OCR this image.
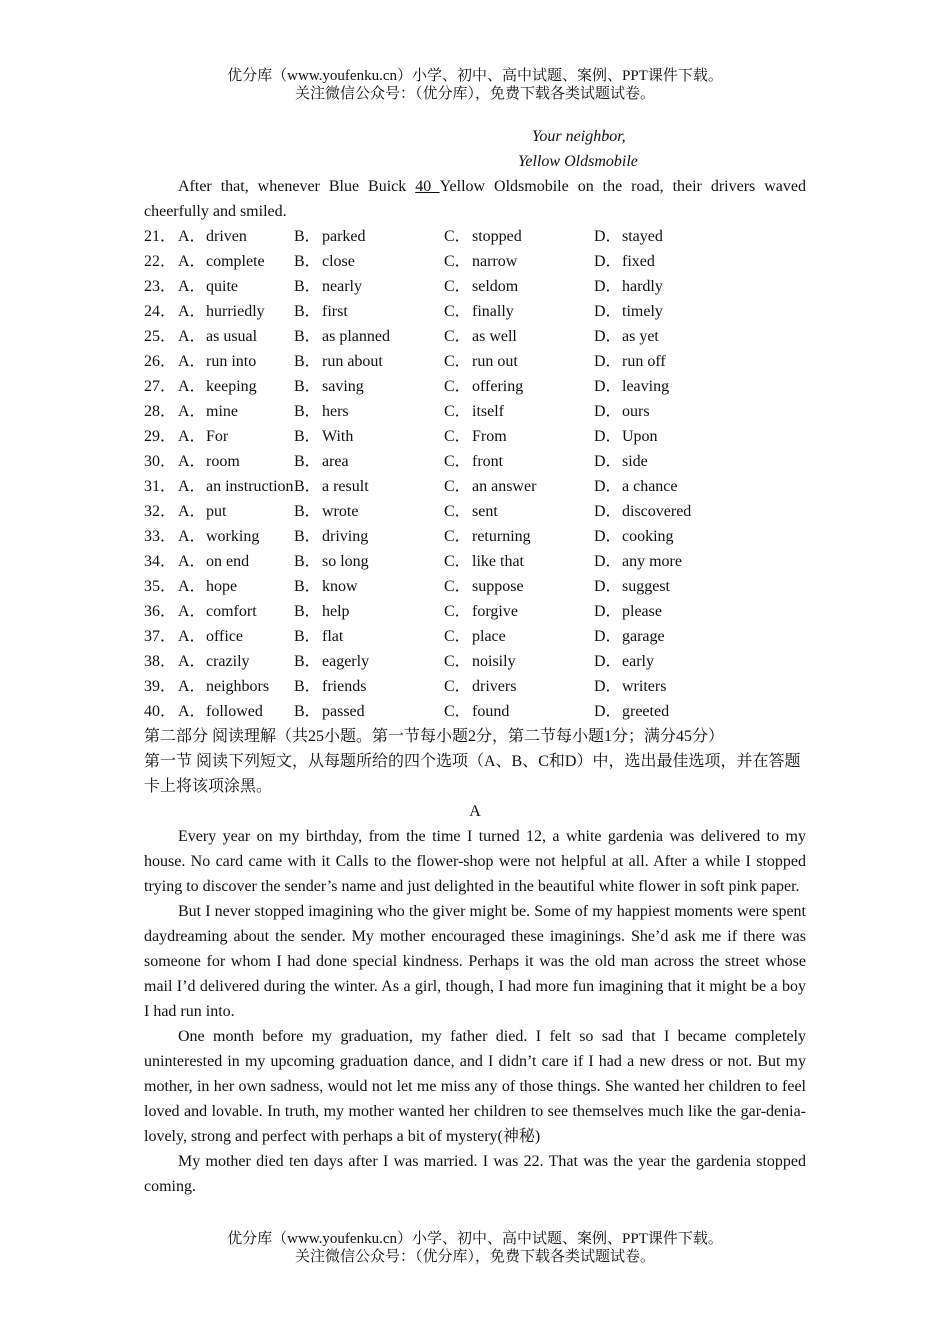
优分库（www.youfenku.cn）小学、初中、高中试题、案例、PPT课件下载。
关注微信公众号：（优分库），免费下载各类试题试卷。
Your neighbor,
Yellow Oldsmobile

After that, whenever Blue Buick 40 Yellow Oldsmobile on the road, their drivers waved cheerfully and smiled.

21． A． driven	B． parked	C． stopped	D． stayed
22． A． complete B． close	C． narrow	D． fixed
23． A． quite	B． nearly	C． seldom	D． hardly
24． A． hurriedly B． first	C． finally	D． timely
25． A． as usual B． as planned	C． as well	D． as yet
26． A． run into B． run about	C． run out	D． run off
27． A． keeping B． saving	C． offering	D． leaving
28． A． mine	B． hers	C． itself	D． ours
29． A． For	B． With	C． From	D． Upon
30． A． room	B． area	C． front	D． side
31． A． an instruction B． a result	C． an answer	D． a chance
32． A． put	B． wrote	C． sent	D． discovered
33． A． working B． driving	C． returning	D． cooking
34． A． on end	B． so long	C． like that	D． any more
35． A． hope	B． know	C． suppose	D． suggest
36． A． comfort B． help	C． forgive	D． please
37． A． office	B． flat	C． place	D． garage
38． A． crazily	B． eagerly	C． noisily	D． early
39． A． neighbors B． friends	C． drivers	D． writers
40． A． followed B． passed	C． found	D． greeted
第二部分 阅读理解（共25小题。第一节每小题2分，第二节每小题1分；满分45分）
第一节 阅读下列短文，从每题所给的四个选项（A、B、C和D）中，选出最佳选项，并在答题卡上将该项涂黑。
A

Every year on my birthday, from the time I turned 12, a white gardenia was delivered to my house. No card came with it Calls to the flower-shop were not helpful at all. After a while I stopped trying to discover the sender’s name and just delighted in the beautiful white flower in soft pink paper.

But I never stopped imagining who the giver might be. Some of my happiest moments were spent daydreaming about the sender. My mother encouraged these imaginings. She’d ask me if there was someone for whom I had done special kindness. Perhaps it was the old man across the street whose mail I’d delivered during the winter. As a girl, though, I had more fun imagining that it might be a boy I had run into.

One month before my graduation, my father died. I felt so sad that I became completely uninterested in my upcoming graduation dance, and I didn’t care if I had a new dress or not. But my mother, in her own sadness, would not let me miss any of those things. She wanted her children to feel loved and lovable. In truth, my mother wanted her children to see themselves much like the gar-denia-lovely, strong and perfect with perhaps a bit of mystery(神秘)

My mother died ten days after I was married. I was 22. That was the year the gardenia stopped coming.

优分库（www.youfenku.cn）小学、初中、高中试题、案例、PPT课件下载。
关注微信公众号：（优分库），免费下载各类试题试卷。
